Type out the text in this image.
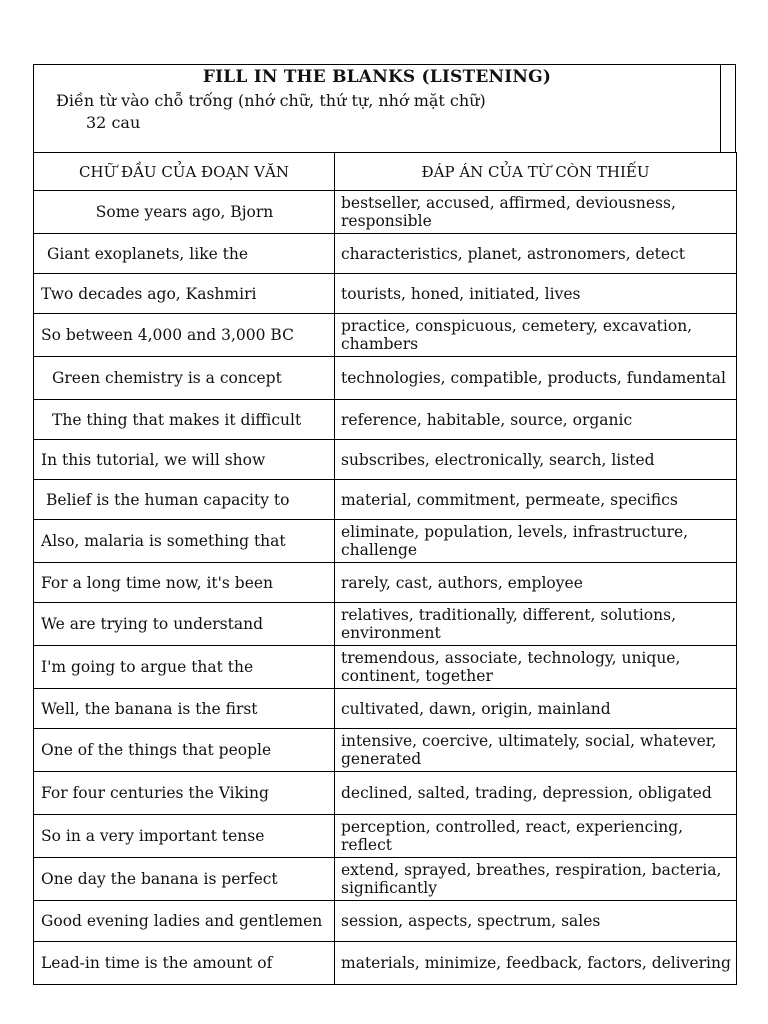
FILL IN THE BLANKS (LISTENING)
Điền từ vào chỗ trống (nhớ chữ, thứ tự, nhớ mặt chữ)
32 cau
CHỮ ĐẦU CỦA ĐOẠN VĂN	ĐÁP ÁN CỦA TỪ CÒN THIẾU
Some years ago, Bjorn	bestseller, accused, affirmed, deviousness, responsible
Giant exoplanets, like the	characteristics, planet, astronomers, detect
Two decades ago, Kashmiri	tourists, honed, initiated, lives
So between 4,000 and 3,000 BC	practice, conspicuous, cemetery, excavation, chambers
Green chemistry is a concept	technologies, compatible, products, fundamental
The thing that makes it difficult	reference, habitable, source, organic
In this tutorial, we will show	subscribes, electronically, search, listed
Belief is the human capacity to	material, commitment, permeate, specifics
Also, malaria is something that	eliminate, population, levels, infrastructure, challenge
For a long time now, it's been	rarely, cast, authors, employee
We are trying to understand	relatives, traditionally, different, solutions, environment
I'm going to argue that the	tremendous, associate, technology, unique, continent, together
Well, the banana is the first	cultivated, dawn, origin, mainland
One of the things that people	intensive, coercive, ultimately, social, whatever, generated
For four centuries the Viking	declined, salted, trading, depression, obligated
So in a very important tense	perception, controlled, react, experiencing, reflect
One day the banana is perfect	extend, sprayed, breathes, respiration, bacteria, significantly
Good evening ladies and gentlemen	session, aspects, spectrum, sales
Lead-in time is the amount of	materials, minimize, feedback, factors, delivering
